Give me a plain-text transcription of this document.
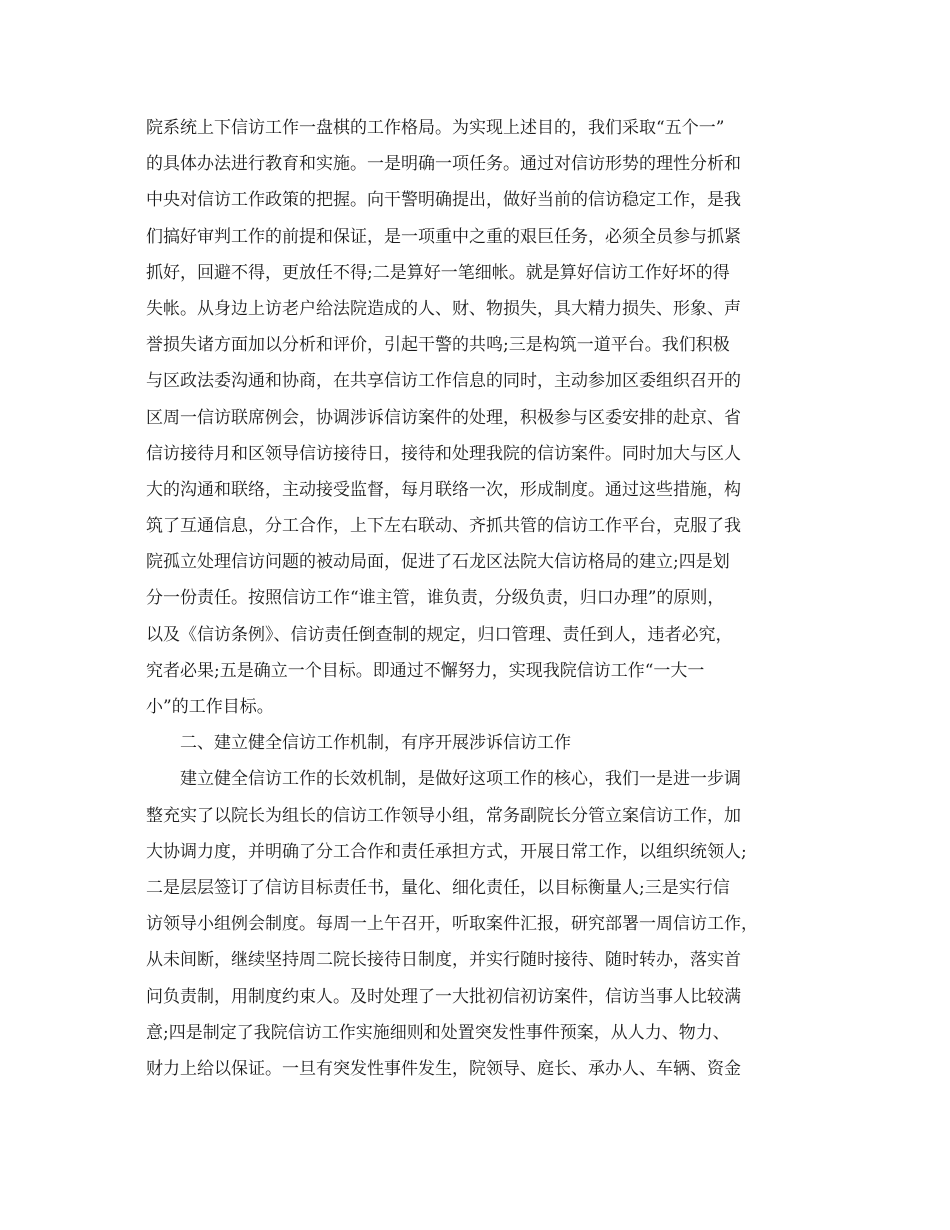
院系统上下信访工作一盘棋的工作格局。为实现上述目的，我们采取“五个一”
的具体办法进行教育和实施。一是明确一项任务。通过对信访形势的理性分析和
中央对信访工作政策的把握。向干警明确提出，做好当前的信访稳定工作，是我
们搞好审判工作的前提和保证，是一项重中之重的艰巨任务，必须全员参与抓紧
抓好，回避不得，更放任不得;二是算好一笔细帐。就是算好信访工作好坏的得
失帐。从身边上访老户给法院造成的人、财、物损失，具大精力损失、形象、声
誉损失诸方面加以分析和评价，引起干警的共鸣;三是构筑一道平台。我们积极
与区政法委沟通和协商，在共享信访工作信息的同时，主动参加区委组织召开的
区周一信访联席例会，协调涉诉信访案件的处理，积极参与区委安排的赴京、省
信访接待月和区领导信访接待日，接待和处理我院的信访案件。同时加大与区人
大的沟通和联络，主动接受监督，每月联络一次，形成制度。通过这些措施，构
筑了互通信息，分工合作，上下左右联动、齐抓共管的信访工作平台，克服了我
院孤立处理信访问题的被动局面，促进了石龙区法院大信访格局的建立;四是划
分一份责任。按照信访工作“谁主管，谁负责，分级负责，归口办理”的原则，
以及《信访条例》、信访责任倒查制的规定，归口管理、责任到人，违者必究，
究者必果;五是确立一个目标。即通过不懈努力，实现我院信访工作“一大一
小”的工作目标。
二、建立健全信访工作机制，有序开展涉诉信访工作
建立健全信访工作的长效机制，是做好这项工作的核心，我们一是进一步调
整充实了以院长为组长的信访工作领导小组，常务副院长分管立案信访工作，加
大协调力度，并明确了分工合作和责任承担方式，开展日常工作，以组织统领人;
二是层层签订了信访目标责任书，量化、细化责任，以目标衡量人;三是实行信
访领导小组例会制度。每周一上午召开，听取案件汇报，研究部署一周信访工作，
从未间断，继续坚持周二院长接待日制度，并实行随时接待、随时转办，落实首
问负责制，用制度约束人。及时处理了一大批初信初访案件，信访当事人比较满
意;四是制定了我院信访工作实施细则和处置突发性事件预案，从人力、物力、
财力上给以保证。一旦有突发性事件发生，院领导、庭长、承办人、车辆、资金
